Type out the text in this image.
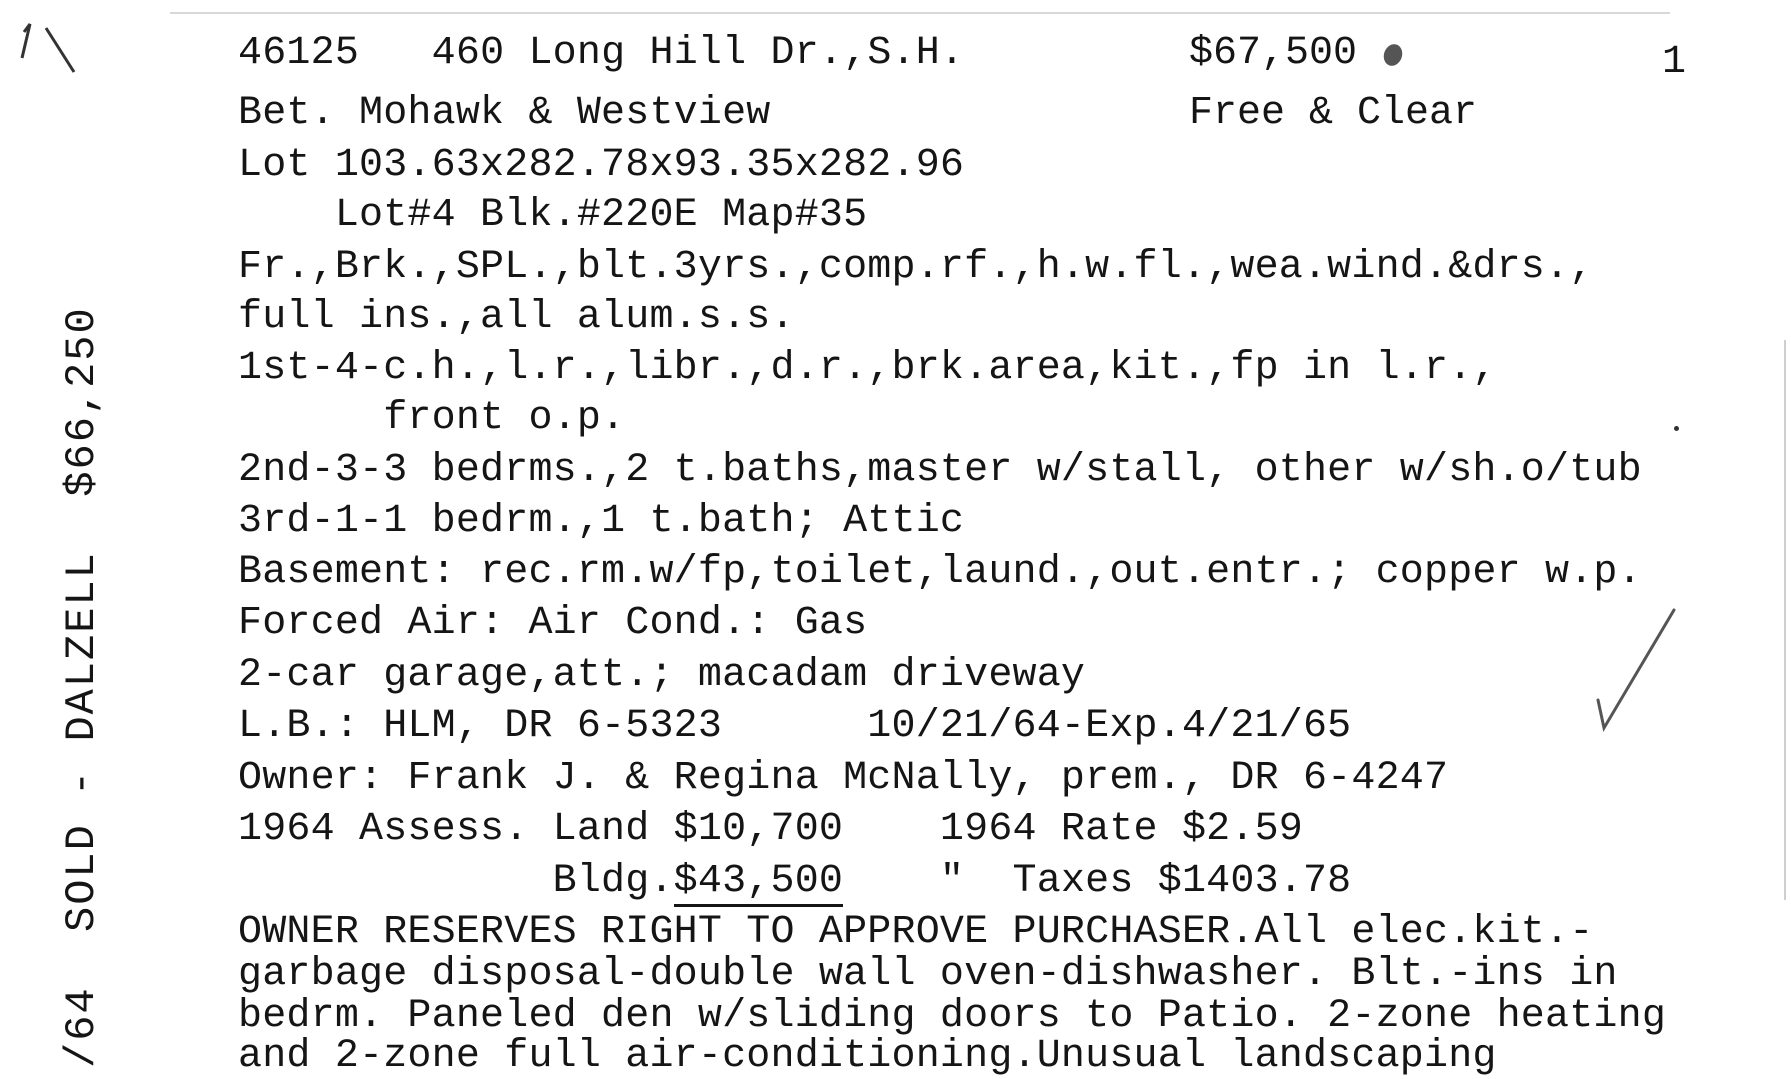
46125 460 Long Hill Dr.,S.H.	$67,500	1
Free & Clear
Bet. Mohawk & Westview
Lot 103.63x282.78x93.35x282.96
Lot#4 Blk.#220E Map#35
Fr.,Brk.,SPL.,blt.3yrs.,comp.rf.,h.w.fl.,wea.wind.&drs.,
full ins.,all alum.s.s.
1st-4-c.h.,l.r.,libr.,d.r.,brk.area,kit.,fp in l.r.,
front o.p.
2nd-3-3 bedrms.,2 t.baths,master w/stall, other w/sh.o/tub
3rd-1-1 bedrm.,1 t.bath; Attic
Basement: rec.rm.w/fp,toilet,laund.,out.entr.; copper w.p.
Forced Air: Air Cond.: Gas
2-car garage,att.; macadam driveway
L.B.: HLM, DR 6-5323      10/21/64-Exp.4/21/65
Owner: Frank J. & Regina McNally, prem., DR 6-4247
1964 Assess. Land $10,700    1964 Rate $2.59
Bldg.$43,500    "  Taxes $1403.78
OWNER RESERVES RIGHT TO APPROVE PURCHASER.All elec.kit.-
garbage disposal-double wall oven-dishwasher. Blt.-ins in
bedrm. Paneled den w/sliding doors to Patio. 2-zone heating
and 2-zone full air-conditioning.Unusual landscaping
/64  SOLD - DALZELL  $66,250
